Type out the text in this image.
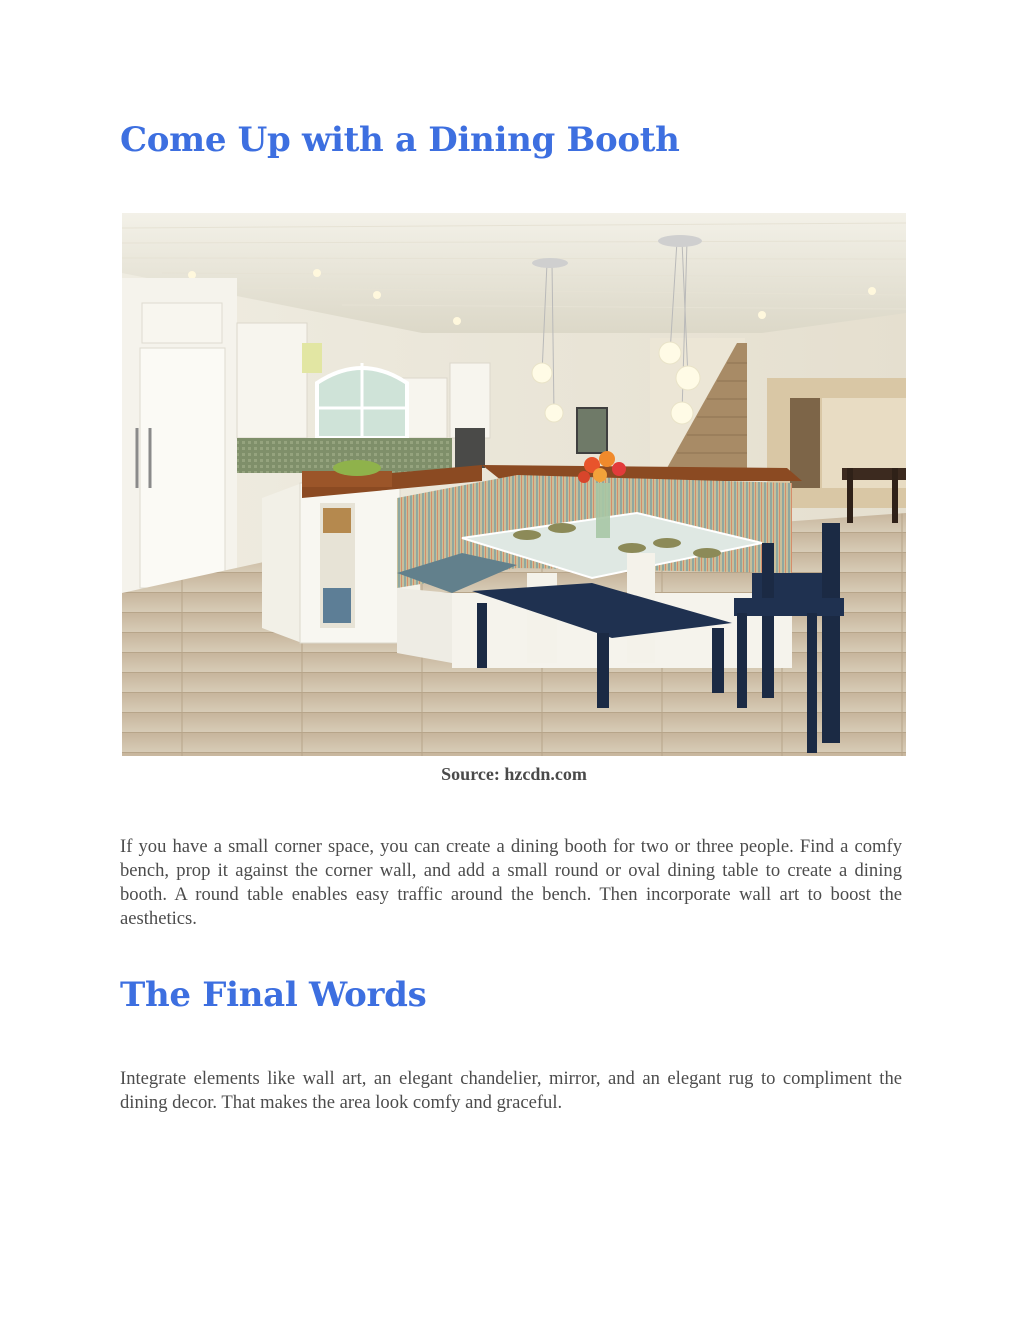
Come Up with a Dining Booth
Source: hzcdn.com

If you have a small corner space, you can create a dining booth for two or three people. Find a comfy bench, prop it against the corner wall, and add a small round or oval dining table to create a dining booth. A round table enables easy traffic around the bench. Then incorporate wall art to boost the aesthetics.

The Final Words

Integrate elements like wall art, an elegant chandelier, mirror, and an elegant rug to compliment the dining decor. That makes the area look comfy and graceful.
